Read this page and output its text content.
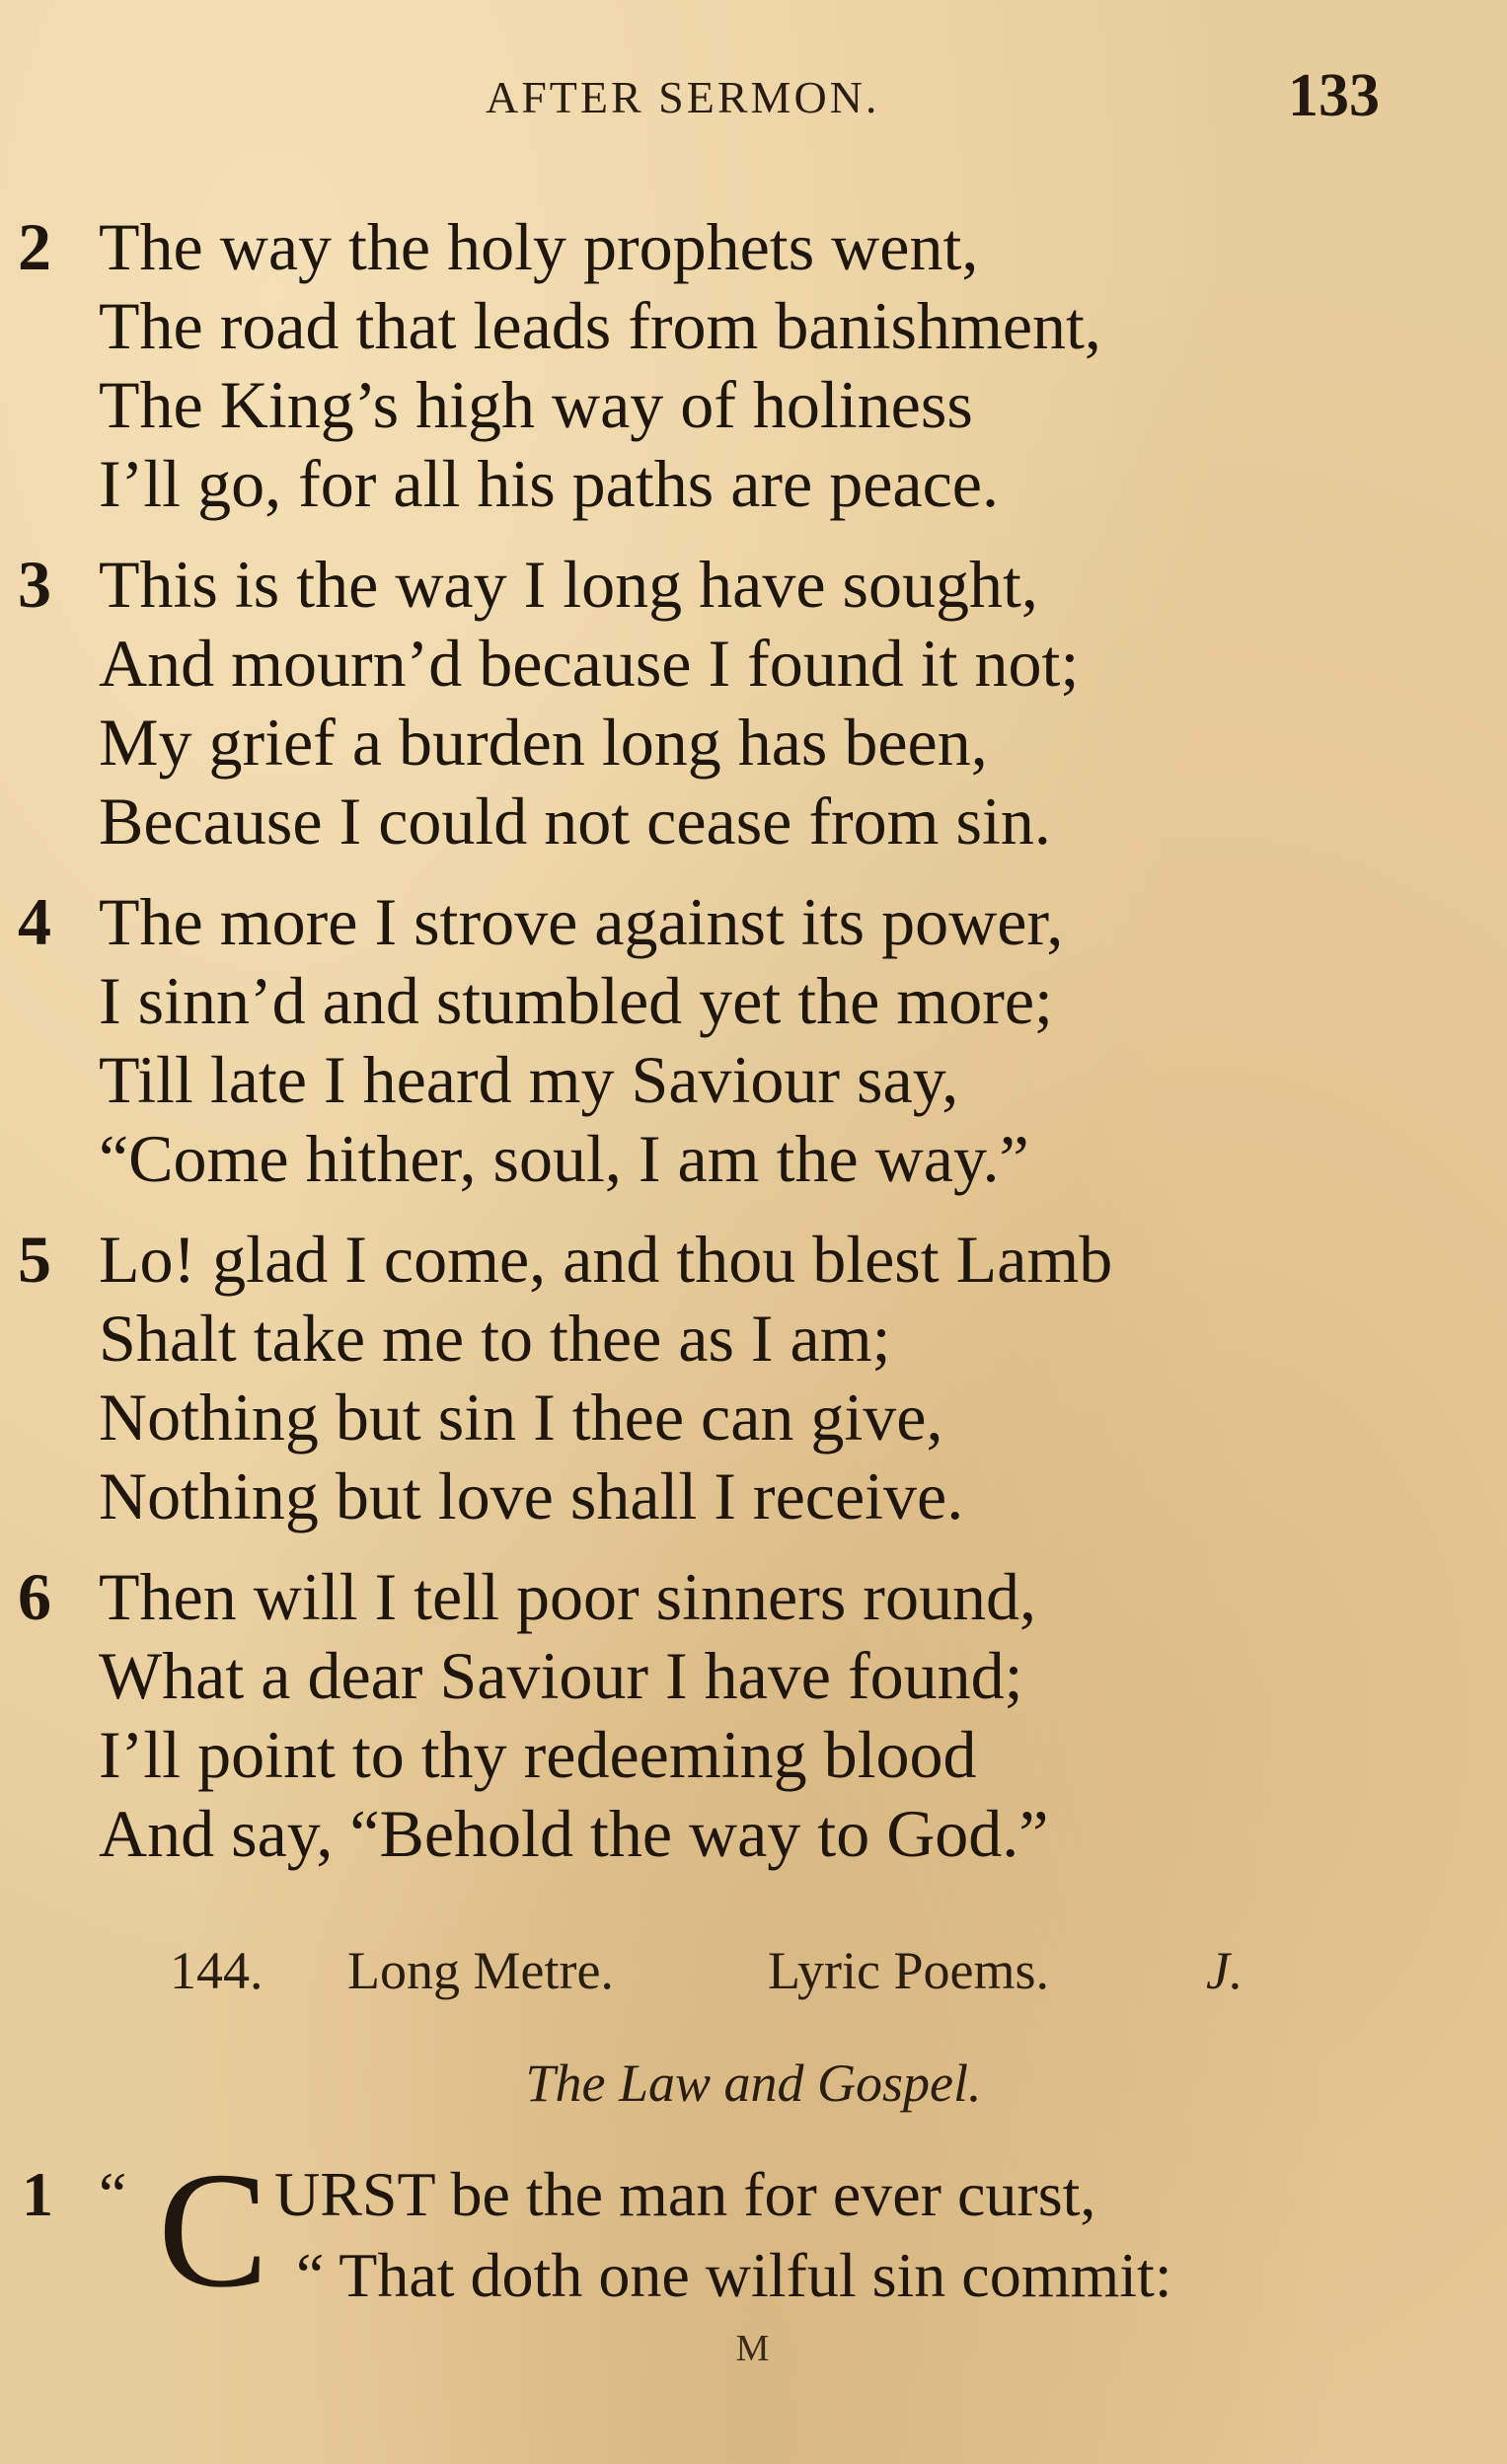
AFTER SERMON.	133
2 The way the holy prophets went,
The road that leads from banishment,
The King’s high way of holiness
I’ll go, for all his paths are peace.
3 This is the way I long have sought,
And mourn’d because I found it not;
My grief a burden long has been,
Because I could not cease from sin.
4 The more I strove against its power,
I sinn’d and stumbled yet the more;
Till late I heard my Saviour say,
“Come hither, soul, I am the way.”
5 Lo! glad I come, and thou blest Lamb
Shalt take me to thee as I am;
Nothing but sin I thee can give,
Nothing but love shall I receive.
6 Then will I tell poor sinners round,
What a dear Saviour I have found;
I’ll point to thy redeeming blood
And say, “Behold the way to God.”
144. Long Metre.	Lyric Poems.	J.
The Law and Gospel.
1 “ C URST be the man for ever curst,
“ That doth one wilful sin commit:
M
